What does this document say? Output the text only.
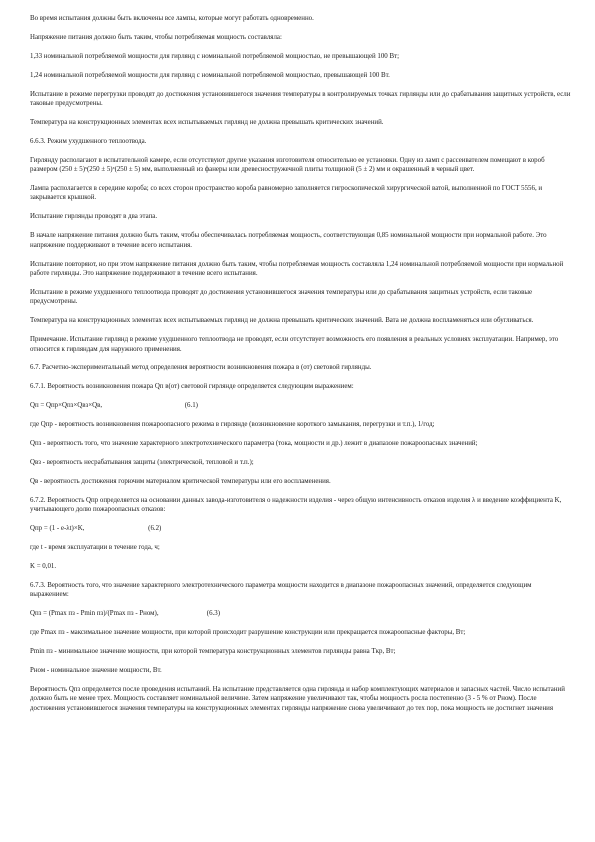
Во время испытания должны быть включены все лампы, которые могут работать одновременно.

Напряжение питания должно быть таким, чтобы потребляемая мощность составляла:

1,33 номинальной потребляемой мощности для гирлянд с номинальной потребляемой мощностью, не превышающей 100 Вт;

1,24 номинальной потребляемой мощности для гирлянд с номинальной потребляемой мощностью, превышающей 100 Вт.

Испытание в режиме перегрузки проводят до достижения установившегося значения температуры в контролируемых точках гирлянды или до срабатывания защитных устройств, если таковые предусмотрены.

Температура на конструкционных элементах всех испытываемых гирлянд не должна превышать критических значений.

6.6.3. Режим ухудшенного теплоотвода.

Гирлянду располагают в испытательной камере, если отсутствуют другие указания изготовителя относительно ее установки. Одну из ламп с рассеивателем помещают в короб размером (250 ± 5)ˣ(250 ± 5)ˣ(250 ± 5) мм, выполненный из фанеры или древесностружечной плиты толщиной (5 ± 2) мм и окрашенный в черный цвет.

Лампа располагается в середине короба; со всех сторон пространство короба равномерно заполняется гигроскопической хирургической ватой, выполненной по ГОСТ 5556, и закрывается крышкой.

Испытание гирлянды проводят в два этапа.

В начале напряжение питания должно быть таким, чтобы обеспечивалась потребляемая мощность, соответствующая 0,85 номинальной мощности при нормальной работе. Это напряжение поддерживают в течение всего испытания.

Испытание повторяют, но при этом напряжение питания должно быть таким, чтобы потребляемая мощность составляла 1,24 номинальной потребляемой мощности при нормальной работе гирлянды. Это напряжение поддерживают в течение всего испытания.

Испытание в режиме ухудшенного теплоотвода проводят до достижения установившегося значения температуры или до срабатывания защитных устройств, если таковые предусмотрены.

Температура на конструкционных элементах всех испытываемых гирлянд не должна превышать критических значений. Вата не должна воспламеняться или обугливаться.

Примечание. Испытание гирлянд в режиме ухудшенного теплоотвода не проводят, если отсутствует возможность его появления в реальных условиях эксплуатации. Например, это относится к гирляндам для наружного применения.

6.7. Расчетно-экспериментальный метод определения вероятности возникновения пожара в (от) световой гирлянды.

6.7.1. Вероятность возникновения пожара Qп в(от) световой гирлянде определяется следующим выражением:

Qп = Qпр×Qпз×Qвз×Qв,                                                (6.1)

где Qпр - вероятность возникновения пожароопасного режима в гирлянде (возникновение короткого замыкания, перегрузки и т.п.), 1/год;

Qпз - вероятность того, что значение характерного электротехнического параметра (тока, мощности и др.) лежит в диапазоне пожароопасных значений;

Qвз - вероятность несрабатывания защиты (электрической, тепловой и т.п.);

Qв - вероятность достижения горючим материалом критической температуры или его воспламенения.

6.7.2. Вероятность Qпр определяется на основании данных завода-изготовителя о надежности изделия - через общую интенсивность отказов изделия λ и введение коэффициента K, учитывающего долю пожароопасных отказов:

Qпр = (1 - e-λt)×K,                                     (6.2)

где t - время эксплуатации в течение года, ч;

K = 0,01.

6.7.3. Вероятность того, что значение характерного электротехнического параметра мощности находится в диапазоне пожароопасных значений, определяется следующим выражением:

Qпз = (Pmax пз - Pmin пз)/(Pmax пз - Pном),                            (6.3)

где Pmax пз - максимальное значение мощности, при которой происходит разрушение конструкции или прекращается пожароопасные факторы, Вт;

Pmin пз - минимальное значение мощности, при которой температура конструкционных элементов гирлянды равна Tкр, Вт;

Pном - номинальное значение мощности, Вт.

Вероятность Qпз определяется после проведения испытаний. На испытание представляется одна гирлянда и набор комплектующих материалов и запасных частей. Число испытаний должно быть не менее трех. Мощность составляет номинальной величине. Затем напряжение увеличивают так, чтобы мощность росла постепенно (3 - 5 % от Pном). После достижения установившегося значения температуры на конструкционных элементах гирлянды напряжение снова увеличивают до тех пор, пока мощность не достигнет значения
